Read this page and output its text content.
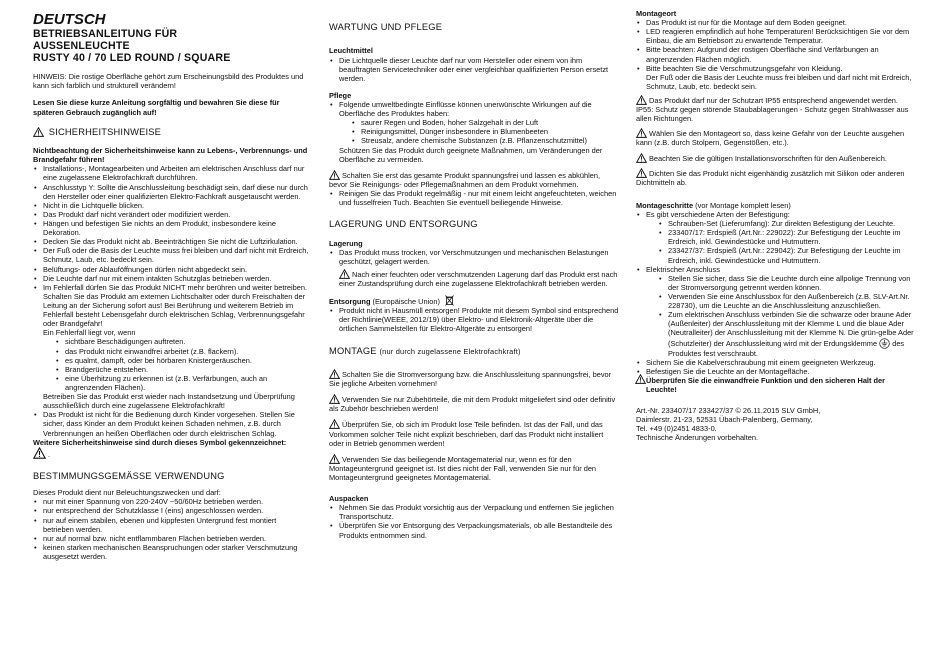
DEUTSCH
BETRIEBSANLEITUNG FÜR
AUSSENLEUCHTE
RUSTY 40 / 70 LED ROUND / SQUARE
HINWEIS: Die rostige Oberfläche gehört zum Erscheinungsbild des Produktes und kann sich farblich und strukturell verändern!
Lesen Sie diese kurze Anleitung sorgfältig und bewahren Sie diese für späteren Gebrauch zugänglich auf!
SICHERHEITSHINWEISE
Nichtbeachtung der Sicherheitshinweise kann zu Lebens-, Verbrennungs- und Brandgefahr führen!
• Installations-, Montagearbeiten und Arbeiten am elektrischen Anschluss darf nur eine zugelassene Elektrofachkraft durchführen.
• Anschlusstyp Y: Sollte die Anschlussleitung beschädigt sein, darf diese nur durch den Hersteller oder einer qualifizierten Elektro-Fachkraft ausgetauscht werden.
• Nicht in die Lichtquelle blicken.
• Das Produkt darf nicht verändert oder modifiziert werden.
• Hängen und befestigen Sie nichts an dem Produkt, insbesondere keine Dekoration.
• Decken Sie das Produkt nicht ab. Beeinträchtigen Sie nicht die Luftzirkulation.
• Der Fuß oder die Basis der Leuchte muss frei bleiben und darf nicht mit Erdreich, Schmutz, Laub, etc. bedeckt sein.
• Belüftungs- oder Ablauföffnungen dürfen nicht abgedeckt sein.
• Die Leuchte darf nur mit einem intakten Schutzglas betrieben werden.
• Im Fehlerfall dürfen Sie das Produkt NICHT mehr berühren und weiter betreiben. Schalten Sie das Produkt am externen Lichtschalter oder durch Freischalten der Leitung an der Sicherung sofort aus! Bei Berührung und weiterem Betrieb im Fehlerfall besteht Lebensgefahr durch elektrischen Schlag, Verbrennungsgefahr oder Brandgefahr!
Ein Fehlerfall liegt vor, wenn
• sichtbare Beschädigungen auftreten.
• das Produkt nicht einwandfrei arbeitet (z.B. flackern).
• es qualmt, dampft, oder bei hörbaren Knistergeräuschen.
• Brandgerüche entstehen.
• eine Überhitzung zu erkennen ist (z.B. Verfärbungen, auch an angrenzenden Flächen).
Betreiben Sie das Produkt erst wieder nach Instandsetzung und Überprüfung ausschließlich durch eine zugelassene Elektrofachkraft!
• Das Produkt ist nicht für die Bedienung durch Kinder vorgesehen. Stellen Sie sicher, dass Kinder an dem Produkt keinen Schaden nehmen, z.B. durch Verbrennungen an heißen Oberflächen oder durch elektrischen Schlag.
Weitere Sicherheitshinweise sind durch dieses Symbol gekennzeichnet:
.
BESTIMMUNGSGEMÄSSE VERWENDUNG
Dieses Produkt dient nur Beleuchtungszwecken und darf:
• nur mit einer Spannung von 220-240V ~50/60Hz betrieben werden.
• nur entsprechend der Schutzklasse I (eins) angeschlossen werden.
• nur auf einem stabilen, ebenen und kippfesten Untergrund fest montiert betrieben werden.
• nur auf normal bzw. nicht entflammbaren Flächen betrieben werden.
• keinen starken mechanischen Beanspruchungen oder starker Verschmutzung ausgesetzt werden.
WARTUNG UND PFLEGE
Leuchtmittel
• Die Lichtquelle dieser Leuchte darf nur vom Hersteller oder einem von ihm beauftragten Servicetechniker oder einer vergleichbar qualifizierten Person ersetzt werden.
Pflege
• Folgende umweltbedingte Einflüsse können unerwünschte Wirkungen auf die Oberfläche des Produktes haben:
• saurer Regen und Boden, hoher Salzgehalt in der Luft
• Reinigungsmittel, Dünger insbesondere in Blumenbeeten
• Streusalz, andere chemische Substanzen (z.B. Pflanzenschutzmittel)
Schützen Sie das Produkt durch geeignete Maßnahmen, um Veränderungen der Oberfläche zu vermeiden.
Schalten Sie erst das gesamte Produkt spannungsfrei und lassen es abkühlen, bevor Sie Reinigungs- oder Pflegemaßnahmen an dem Produkt vornehmen.
• Reinigen Sie das Produkt regelmäßig - nur mit einem leicht angefeuchteten, weichen und fusselfreien Tuch. Beachten Sie eventuell beiliegende Hinweise.
LAGERUNG UND ENTSORGUNG
Lagerung
• Das Produkt muss trocken, vor Verschmutzungen und mechanischen Belastungen geschützt, gelagert werden.
Nach einer feuchten oder verschmutzenden Lagerung darf das Produkt erst nach einer Zustandsprüfung durch eine zugelassene Elektrofachkraft betrieben werden.
Entsorgung (Europäische Union)
• Produkt nicht in Hausmüll entsorgen! Produkte mit diesem Symbol sind entsprechend der Richtlinie(WEEE, 2012/19) über Elektro- und Elektronik-Altgeräte über die örtlichen Sammelstellen für Elektro-Altgeräte zu entsorgen!
MONTAGE (nur durch zugelassene Elektrofachkraft)
Schalten Sie die Stromversorgung bzw. die Anschlussleitung spannungsfrei, bevor Sie jegliche Arbeiten vornehmen!
Verwenden Sie nur Zubehörteile, die mit dem Produkt mitgeliefert sind oder definitiv als Zubehör beschrieben werden!
Überprüfen Sie, ob sich im Produkt lose Teile befinden. Ist das der Fall, und das Vorkommen solcher Teile nicht explizit beschrieben, darf das Produkt nicht installiert oder in Betrieb genommen werden!
Verwenden Sie das beiliegende Montagematerial nur, wenn es für den Montageuntergrund geeignet ist. Ist dies nicht der Fall, verwenden Sie nur für den Montageuntergrund geeignetes Montagematerial.
Auspacken
• Nehmen Sie das Produkt vorsichtig aus der Verpackung und entfernen Sie jeglichen Transportschutz.
• Überprüfen Sie vor Entsorgung des Verpackungsmaterials, ob alle Bestandteile des Produkts entnommen sind.
Montageort
• Das Produkt ist nur für die Montage auf dem Boden geeignet.
• LED reagieren empfindlich auf hohe Temperaturen! Berücksichtigen Sie vor dem Einbau, die am Betriebsort zu erwartende Temperatur.
• Bitte beachten: Aufgrund der rostigen Oberfläche sind Verfärbungen an angrenzenden Flächen möglich.
• Bitte beachten Sie die Verschmutzungsgefahr von Kleidung.
Der Fuß oder die Basis der Leuchte muss frei bleiben und darf nicht mit Erdreich, Schmutz, Laub, etc. bedeckt sein.
Das Produkt darf nur der Schutzart IP55 entsprechend angewendet werden.
IP55: Schutz gegen störende Staubablagerungen - Schutz gegen Strahlwasser aus allen Richtungen.
Wählen Sie den Montageort so, dass keine Gefahr von der Leuchte ausgehen kann (z.B. durch Stolpern, Gegenstößen, etc.).
Beachten Sie die gültigen Installationsvorschriften für den Außenbereich.
Dichten Sie das Produkt nicht eigenhändig zusätzlich mit Silikon oder anderen Dichtmitteln ab.
Montageschritte (vor Montage komplett lesen)
• Es gibt verschiedene Arten der Befestigung:
• Schrauben-Set (Lieferumfang): Zur direkten Befestigung der Leuchte.
• 233407/17: Erdspieß (Art.Nr.: 229022): Zur Befestigung der Leuchte im Erdreich, inkl. Gewindestücke und Hutmuttern.
• 233427/37: Erdspieß (Art.Nr.: 229042): Zur Befestigung der Leuchte im Erdreich, inkl. Gewindestücke und Hutmuttern.
• Elektrischer Anschluss
• Stellen Sie sicher, dass Sie die Leuchte durch eine allpolige Trennung von der Stromversorgung getrennt werden können.
• Verwenden Sie eine Anschlussbox für den Außenbereich (z.B. SLV-Art.Nr. 228730), um die Leuchte an die Anschlussleitung anzuschließen.
• Zum elektrischen Anschluss verbinden Sie die schwarze oder braune Ader (Außenleiter) der Anschlussleitung mit der Klemme L und die blaue Ader (Neutralleiter) der Anschlussleitung mit der Klemme N. Die grün-gelbe Ader (Schutzleiter) der Anschlussleitung wird mit der Erdungsklemme des Produktes fest verschraubt.
• Sichern Sie die Kabelverschraubung mit einem geeigneten Werkzeug.
• Befestigen Sie die Leuchte an der Montagefläche.
Überprüfen Sie die einwandfreie Funktion und den sicheren Halt der Leuchte!
Art.-Nr. 233407/17 233427/37 © 26.11.2015 SLV GmbH,
Daimlerstr. 21-23, 52531 Übach-Palenberg, Germany,
Tel. +49 (0)2451 4833-0.
Technische Änderungen vorbehalten.
